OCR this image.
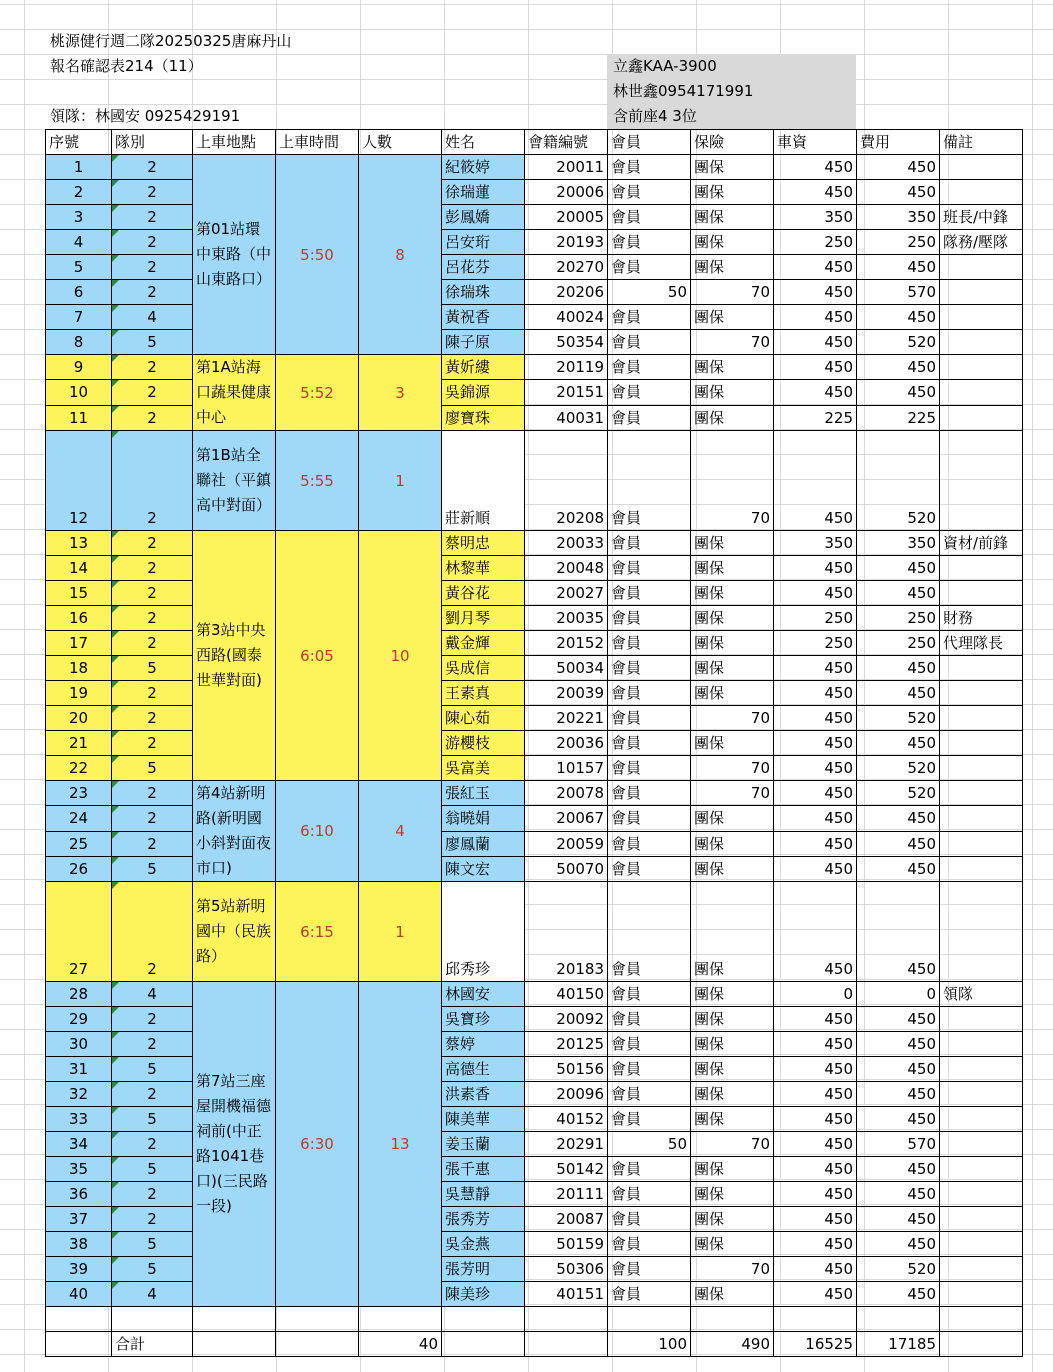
桃源健行週二隊20250325唐麻丹山
報名確認表214（11）
領隊：林國安 0925429191
立鑫KAA-3900
林世鑫0954171991
含前座4 3位
序號	隊別	上車地點	上車時間	人數	姓名	會籍編號	會員	保險	車資	費用	備註
1	2	第01站環中東路（中山東路口）	5:50	8	紀筱婷	20011	會員	團保	450	450	
2	2				徐瑞蓮	20006	會員	團保	450	450	
3	2				彭鳳嬌	20005	會員	團保	350	350	班長/中鋒
4	2				呂安珩	20193	會員	團保	250	250	隊務/壓隊
5	2				呂花芬	20270	會員	團保	450	450	
6	2				徐瑞珠	20206	50	70	450	570	
7	4				黃祝香	40024	會員	團保	450	450	
8	5				陳子原	50354	會員	70	450	520	
9	2	第1A站海口蔬果健康中心	5:52	3	黃妡縷	20119	會員	團保	450	450	
10	2				吳錦源	20151	會員	團保	450	450	
11	2				廖寶珠	40031	會員	團保	225	225	
12	2	第1B站全聯社（平鎮高中對面）	5:55	1	莊新順	20208	會員	70	450	520	
13	2	第3站中央西路(國泰世華對面)	6:05	10	蔡明忠	20033	會員	團保	350	350	資材/前鋒
14	2				林黎華	20048	會員	團保	450	450	
15	2				黃谷花	20027	會員	團保	450	450	
16	2				劉月琴	20035	會員	團保	250	250	財務
17	2				戴金輝	20152	會員	團保	250	250	代理隊長
18	5				吳成信	50034	會員	團保	450	450	
19	2				王素真	20039	會員	團保	450	450	
20	2				陳心茹	20221	會員	70	450	520	
21	2				游櫻枝	20036	會員	團保	450	450	
22	5				吳富美	10157	會員	70	450	520	
23	2	第4站新明路(新明國小斜對面夜市口)	6:10	4	張紅玉	20078	會員	70	450	520	
24	2				翁曉娟	20067	會員	團保	450	450	
25	2				廖鳳蘭	20059	會員	團保	450	450	
26	5				陳文宏	50070	會員	團保	450	450	
27	2	第5站新明國中（民族路）	6:15	1	邱秀珍	20183	會員	團保	450	450	
28	4	第7站三座屋開機福德祠前(中正路1041巷口)(三民路一段)	6:30	13	林國安	40150	會員	團保	0	0	領隊
29	2				吳寶珍	20092	會員	團保	450	450	
30	2				蔡婷	20125	會員	團保	450	450	
31	5				高德生	50156	會員	團保	450	450	
32	2				洪素香	20096	會員	團保	450	450	
33	5				陳美華	40152	會員	團保	450	450	
34	2				姜玉蘭	20291	50	70	450	570	
35	5				張千惠	50142	會員	團保	450	450	
36	2				吳慧靜	20111	會員	團保	450	450	
37	2				張秀芳	20087	會員	團保	450	450	
38	5				吳金燕	50159	會員	團保	450	450	
39	5				張芳明	50306	會員	70	450	520	
40	4				陳美珍	40151	會員	團保	450	450	

	合計			40			100	490	16525	17185	
